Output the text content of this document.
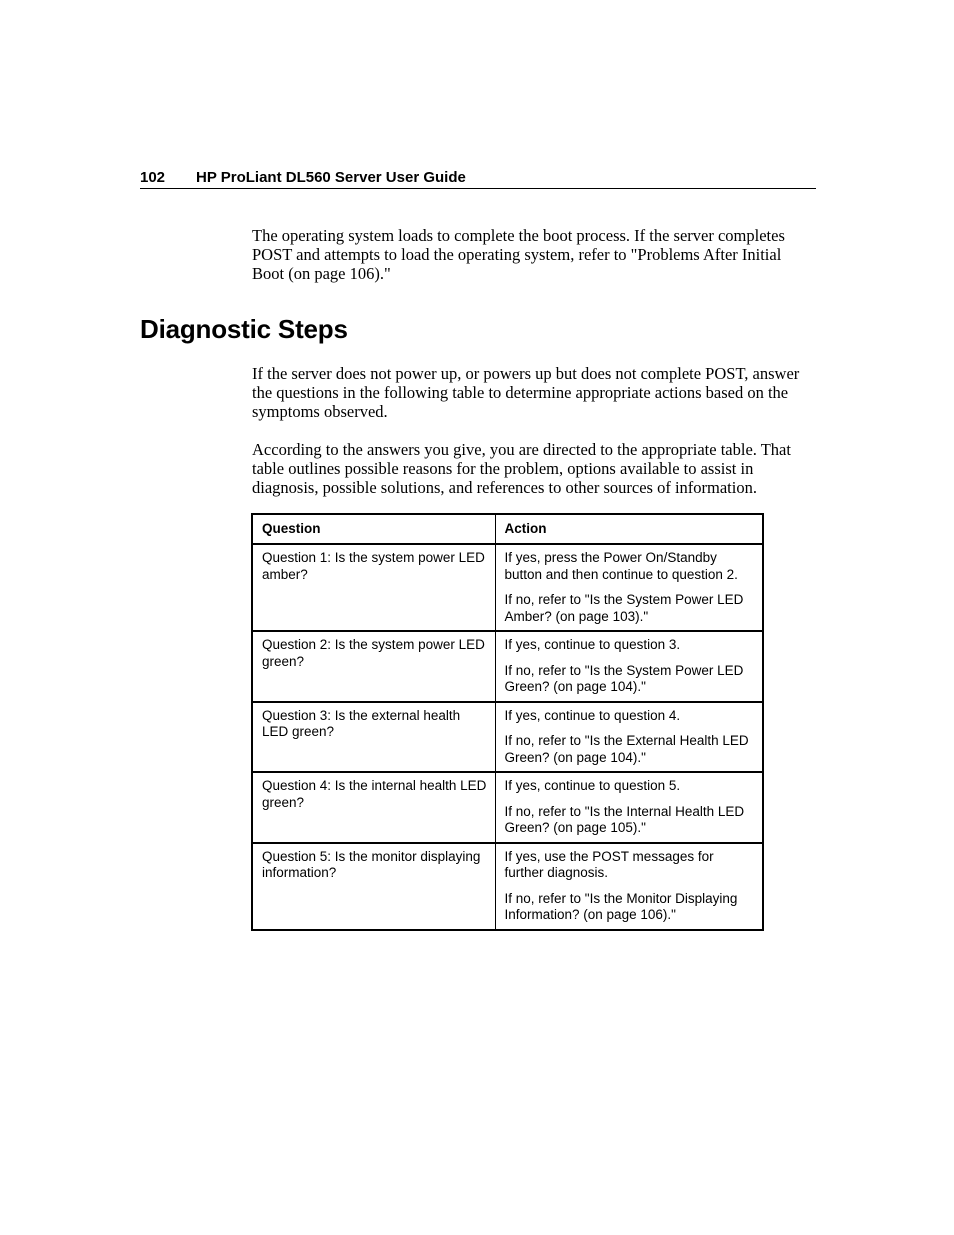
102 HP ProLiant DL560 Server User Guide

The operating system loads to complete the boot process. If the server completes POST and attempts to load the operating system, refer to "Problems After Initial Boot (on page 106)."

Diagnostic Steps

If the server does not power up, or powers up but does not complete POST, answer the questions in the following table to determine appropriate actions based on the symptoms observed.

According to the answers you give, you are directed to the appropriate table. That table outlines possible reasons for the problem, options available to assist in diagnosis, possible solutions, and references to other sources of information.

Question	Action

Question 1: Is the system power LED amber?	If yes, press the Power On/Standby button and then continue to question 2.

If no, refer to "Is the System Power LED Amber? (on page 103)."

Question 2: Is the system power LED green?	If yes, continue to question 3.

If no, refer to "Is the System Power LED Green? (on page 104)."

Question 3: Is the external health LED green?	If yes, continue to question 4.

If no, refer to "Is the External Health LED Green? (on page 104)."

Question 4: Is the internal health LED green?	If yes, continue to question 5.

If no, refer to "Is the Internal Health LED Green? (on page 105)."

Question 5: Is the monitor displaying information?	If yes, use the POST messages for further diagnosis.

If no, refer to "Is the Monitor Displaying Information? (on page 106)."
